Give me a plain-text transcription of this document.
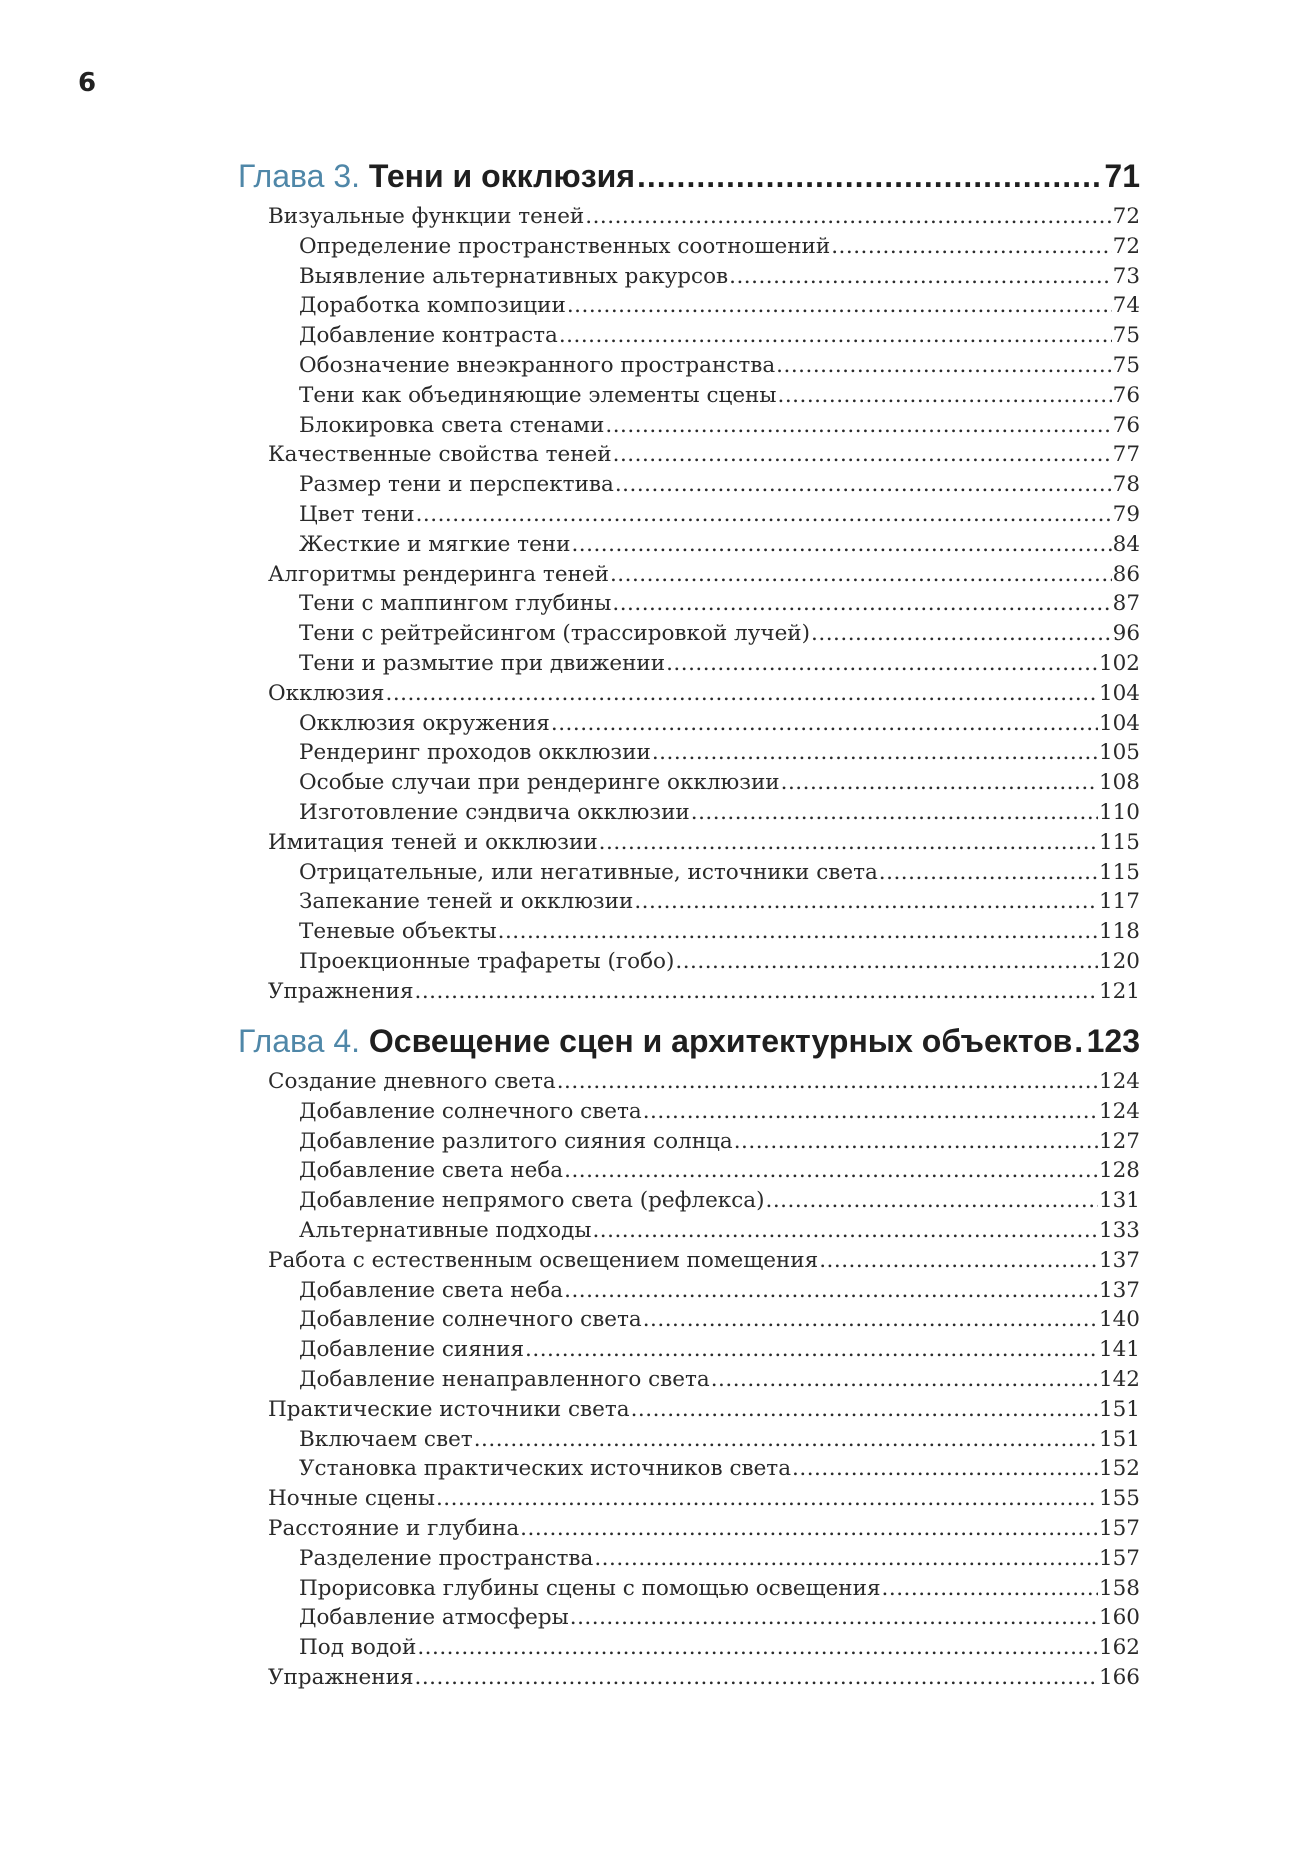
6
Глава 3.
Тени и окклюзия .....	71
Визуальные функции теней .....	72
Определение пространственных соотношений .....	72
Выявление альтернативных ракурсов .....	73
Доработка композиции .....	74
Добавление контраста .....	75
Обозначение внеэкранного пространства .....	75
Тени как объединяющие элементы сцены .....	76
Блокировка света стенами .....	76
Качественные свойства теней .....	77
Размер тени и перспектива .....	78
Цвет тени .....	79
Жесткие и мягкие тени .....	84
Алгоритмы рендеринга теней .....	86
Тени с маппингом глубины .....	87
Тени с рейтрейсингом (трассировкой лучей) .....	96
Тени и размытие при движении .....	102
Окклюзия .....	104
Окклюзия окружения .....	104
Рендеринг проходов окклюзии .....	105
Особые случаи при рендеринге окклюзии .....	108
Изготовление сэндвича окклюзии .....	110
Имитация теней и окклюзии .....	115
Отрицательные, или негативные, источники света .....	115
Запекание теней и окклюзии .....	117
Теневые объекты .....	118
Проекционные трафареты (гобо) .....	120
Упражнения .....	121
Глава 4.
Освещение сцен и архитектурных объектов ..... 123
Создание дневного света .....	124
Добавление солнечного света .....	124
Добавление разлитого сияния солнца .....	127
Добавление света неба .....	128
Добавление непрямого света (рефлекса) .....	131
Альтернативные подходы .....	133
Работа с естественным освещением помещения .....	137
Добавление света неба .....	137
Добавление солнечного света .....	140
Добавление сияния .....	141
Добавление ненаправленного света .....	142
Практические источники света .....	151
Включаем свет .....	151
Установка практических источников света .....	152
Ночные сцены .....	155
Расстояние и глубина .....	157
Разделение пространства .....	157
Прорисовка глубины сцены с помощью освещения .....	158
Добавление атмосферы .....	160
Под водой .....	162
Упражнения .....	166
